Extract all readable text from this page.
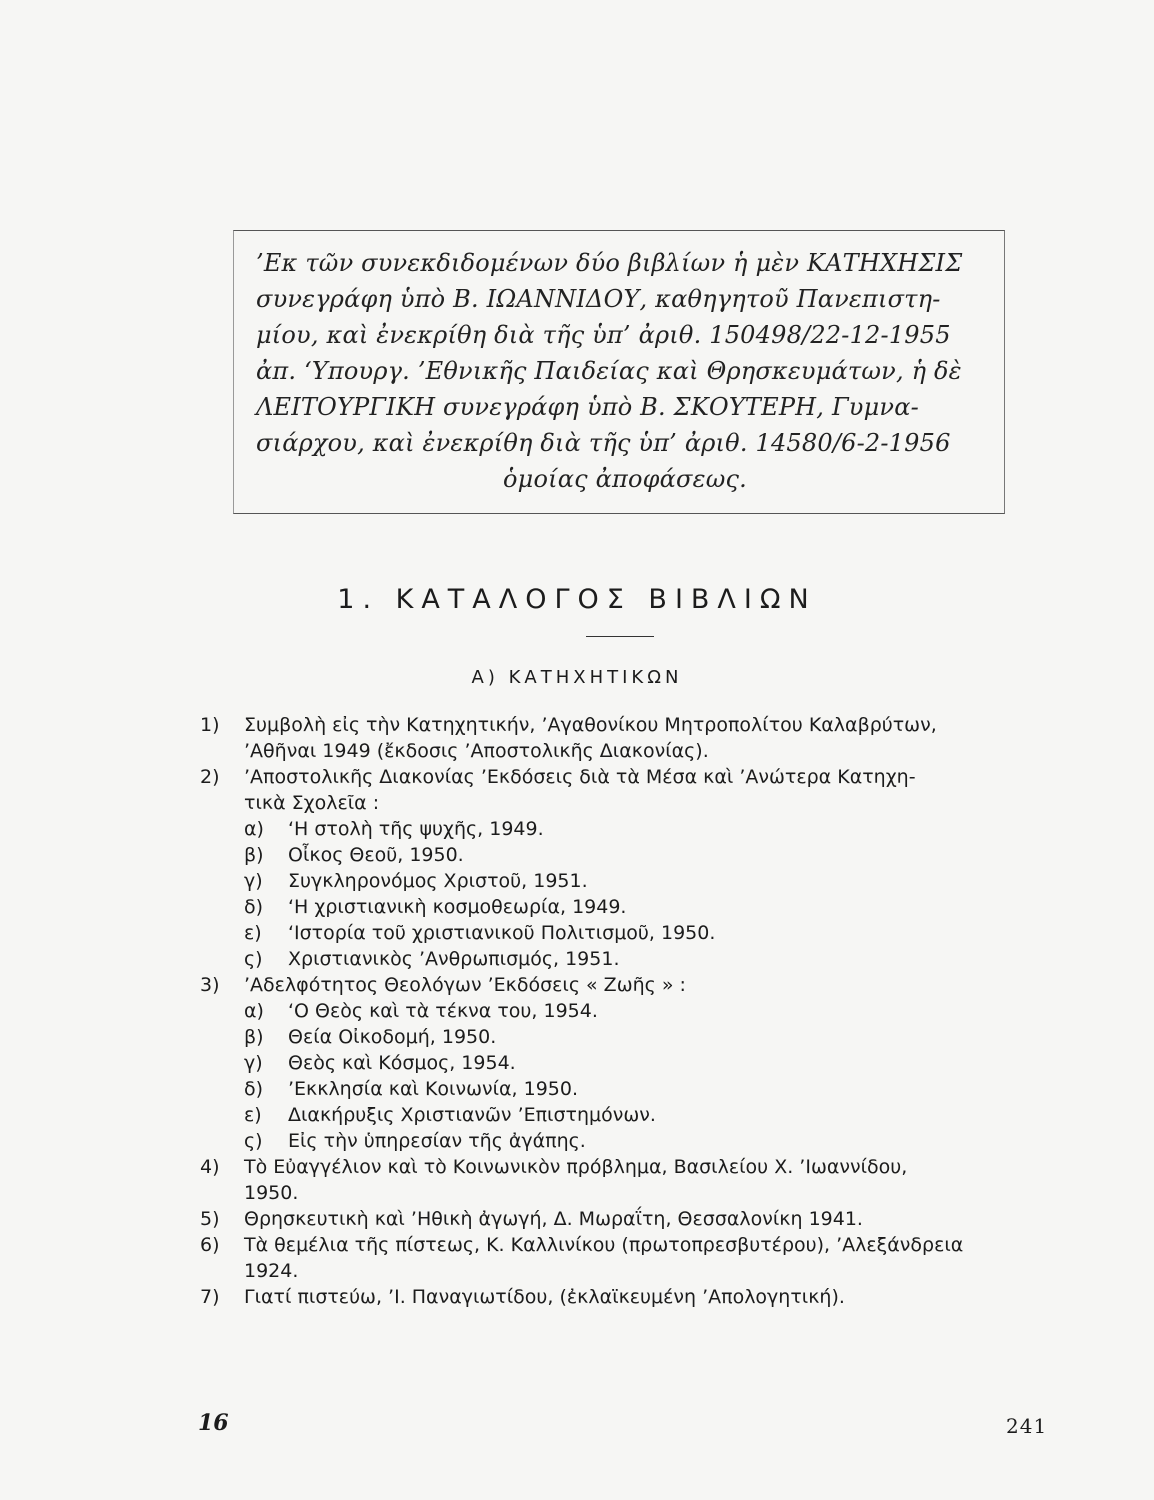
’Εκ τῶν συνεκδιδομένων δύο βιβλίων ἡ μὲν ΚΑΤΗΧΗΣΙΣ
συνεγράφη ὑπὸ Β. ΙΩΑΝΝΙΔΟΥ, καθηγητοῦ Πανεπιστη-
μίου, καὶ ἐνεκρίθη διὰ τῆς ὑπ’ ἀριθ. 150498/22-12-1955
ἀπ. ‘Υπουργ. ’Εθνικῆς Παιδείας καὶ Θρησκευμάτων, ἡ δὲ
ΛΕΙΤΟΥΡΓΙΚΗ συνεγράφη ὑπὸ Β. ΣΚΟΥΤΕΡΗ, Γυμνα-
σιάρχου, καὶ ἐνεκρίθη διὰ τῆς ὑπ’ ἀριθ. 14580/6-2-1956
ὁμοίας ἀποφάσεως.
1. ΚΑΤΑΛΟΓΟΣ ΒΙΒΛΙΩΝ
Α) ΚΑΤΗΧΗΤΙΚΩΝ
1) Συμβολὴ εἰς τὴν Κατηχητικήν, ’Αγαθονίκου Μητροπολίτου Καλαβρύτων,
’Αθῆναι 1949 (ἔκδοσις ’Αποστολικῆς Διακονίας).
2) ’Αποστολικῆς Διακονίας ’Εκδόσεις διὰ τὰ Μέσα καὶ ’Ανώτερα Κατηχη-
τικὰ Σχολεῖα :
α) ‘Η στολὴ τῆς ψυχῆς, 1949.
β) Οἶκος Θεοῦ, 1950.
γ) Συγκληρονόμος Χριστοῦ, 1951.
δ) ‘Η χριστιανικὴ κοσμοθεωρία, 1949.
ε) ‘Ιστορία τοῦ χριστιανικοῦ Πολιτισμοῦ, 1950.
ς) Χριστιανικὸς ’Ανθρωπισμός, 1951.
3) ’Αδελφότητος Θεολόγων ’Εκδόσεις « Ζωῆς » :
α) ‘Ο Θεὸς καὶ τὰ τέκνα του, 1954.
β) Θεία Οἰκοδομή, 1950.
γ) Θεὸς καὶ Κόσμος, 1954.
δ) ’Εκκλησία καὶ Κοινωνία, 1950.
ε) Διακήρυξις Χριστιανῶν ’Επιστημόνων.
ς) Εἰς τὴν ὑπηρεσίαν τῆς ἀγάπης.
4) Τὸ Εὐαγγέλιον καὶ τὸ Κοινωνικὸν πρόβλημα, Βασιλείου Χ. ’Ιωαννίδου,
1950.
5) Θρησκευτικὴ καὶ ’Ηθικὴ ἀγωγή, Δ. Μωραΐτη, Θεσσαλονίκη 1941.
6) Τὰ θεμέλια τῆς πίστεως, Κ. Καλλινίκου (πρωτοπρεσβυτέρου), ’Αλεξάνδρεια
1924.
7) Γιατί πιστεύω, ’Ι. Παναγιωτίδου, (ἐκλαϊκευμένη ’Απολογητική).
16	241
